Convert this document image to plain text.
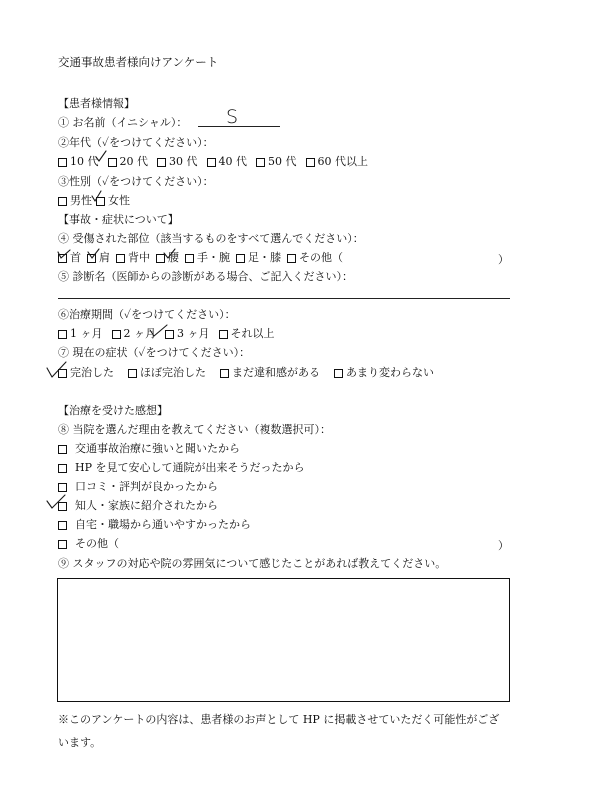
交通事故患者様向けアンケート
【患者様情報】
① お名前（イニシャル）： S
②年代（✓をつけてください）：
10 代 20 代 30 代 40 代 50 代 60 代以上
③性別（✓をつけてください）：
男性 女性
【事故・症状について】
④ 受傷された部位（該当するものをすべて選んでください）：
首 肩 背中 腰 手・腕 足・膝 その他（	）
⑤ 診断名（医師からの診断がある場合、ご記入ください）：
⑥治療期間（✓をつけてください）：
1 ヶ月 2 ヶ月 3 ヶ月 それ以上
⑦ 現在の症状（✓をつけてください）：
完治した ほぼ完治した まだ違和感がある あまり変わらない
【治療を受けた感想】
⑧ 当院を選んだ理由を教えてください（複数選択可）：
交通事故治療に強いと聞いたから
HP を見て安心して通院が出来そうだったから
口コミ・評判が良かったから
知人・家族に紹介されたから
自宅・職場から通いやすかったから
その他（	）
⑨ スタッフの対応や院の雰囲気について感じたことがあれば教えてください。
※このアンケートの内容は、患者様のお声として HP に掲載させていただく可能性がござ
います。
